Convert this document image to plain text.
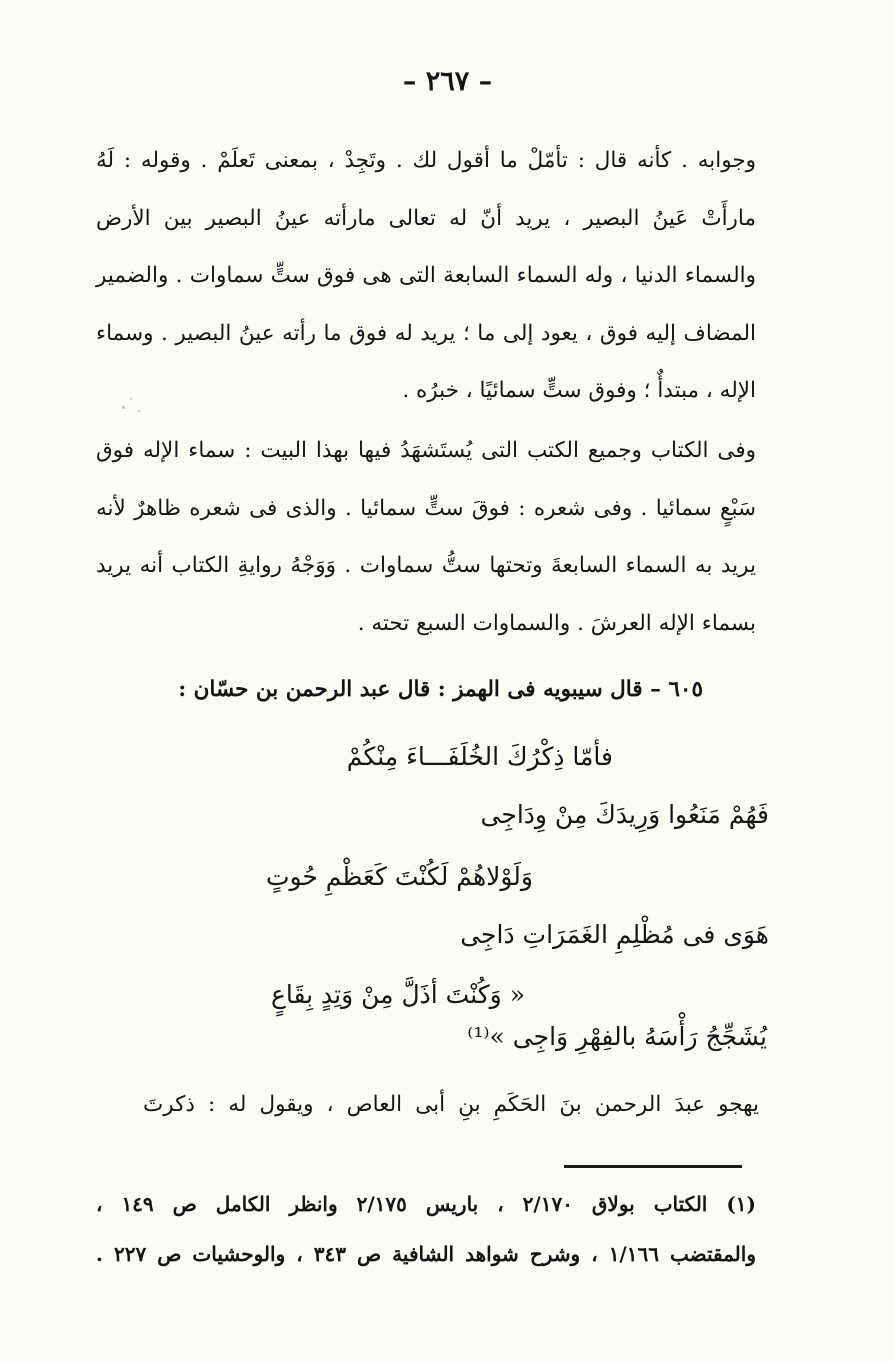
– ٢٦٧ –
وجوابه . كأنه قال : تأمّلْ ما أقول لك . وتَجِدْ ، بمعنى تَعلَمْ . وقوله : لَهُ مارأَتْ عَينُ البصير ، يريد أنّ له تعالى مارأته عينُ البصير بين الأرض والسماء الدنيا ، وله السماء السابعة التى هى فوق ستٍّ سماوات . والضمير المضاف إليه فوق ، يعود إلى ما ؛ يريد له فوق ما رأته عينُ البصير . وسماء الإله ، مبتدأٌ ؛ وفوق ستٍّ سمائيًا ، خبرُه .
وفى الكتاب وجميع الكتب التى يُستَشهَدُ فيها بهذا البيت : سماء الإله فوق سَبْعٍ سمائيا . وفى شعره : فوقَ ستٍّ سمائيا . والذى فى شعره ظاهرٌ لأنه يريد به السماء السابعةَ وتحتها ستُّ سماوات . وَوَجْهُ روايةِ الكتاب أنه يريد بسماء الإله العرشَ . والسماوات السبع تحته .
٦٠٥ – قال سيبويه فى الهمز : قال عبد الرحمن بن حسّان :
فأمّا ذِكْرُكَ الخُلَفَـــاءَ مِنْكُمْ
فَهُمْ مَنَعُوا وَرِيدَكَ مِنْ وِدَاجِى
وَلَوْلاهُمْ لَكُنْتَ كَعَظْمِ حُوتٍ
هَوَى فى مُظْلِمِ الغَمَرَاتِ دَاجِى
« وَكُنْتَ أذَلَّ مِنْ وَتِدٍ بِقَاعٍ
يُشَجِّجُ رَأْسَهُ بالفِهْرِ وَاجِى »⁽¹⁾
يهجو عبدَ الرحمن بنَ الحَكَمِ بنِ أبى العاص ، ويقول له : ذكرتَ
(١) الكتاب بولاق ٢/١٧٠ ، باريس ٢/١٧٥ وانظر الكامل ص ١٤٩ ،
والمقتضب ١/١٦٦ ، وشرح شواهد الشافية ص ٣٤٣ ، والوحشيات ص ٢٢٧ .
